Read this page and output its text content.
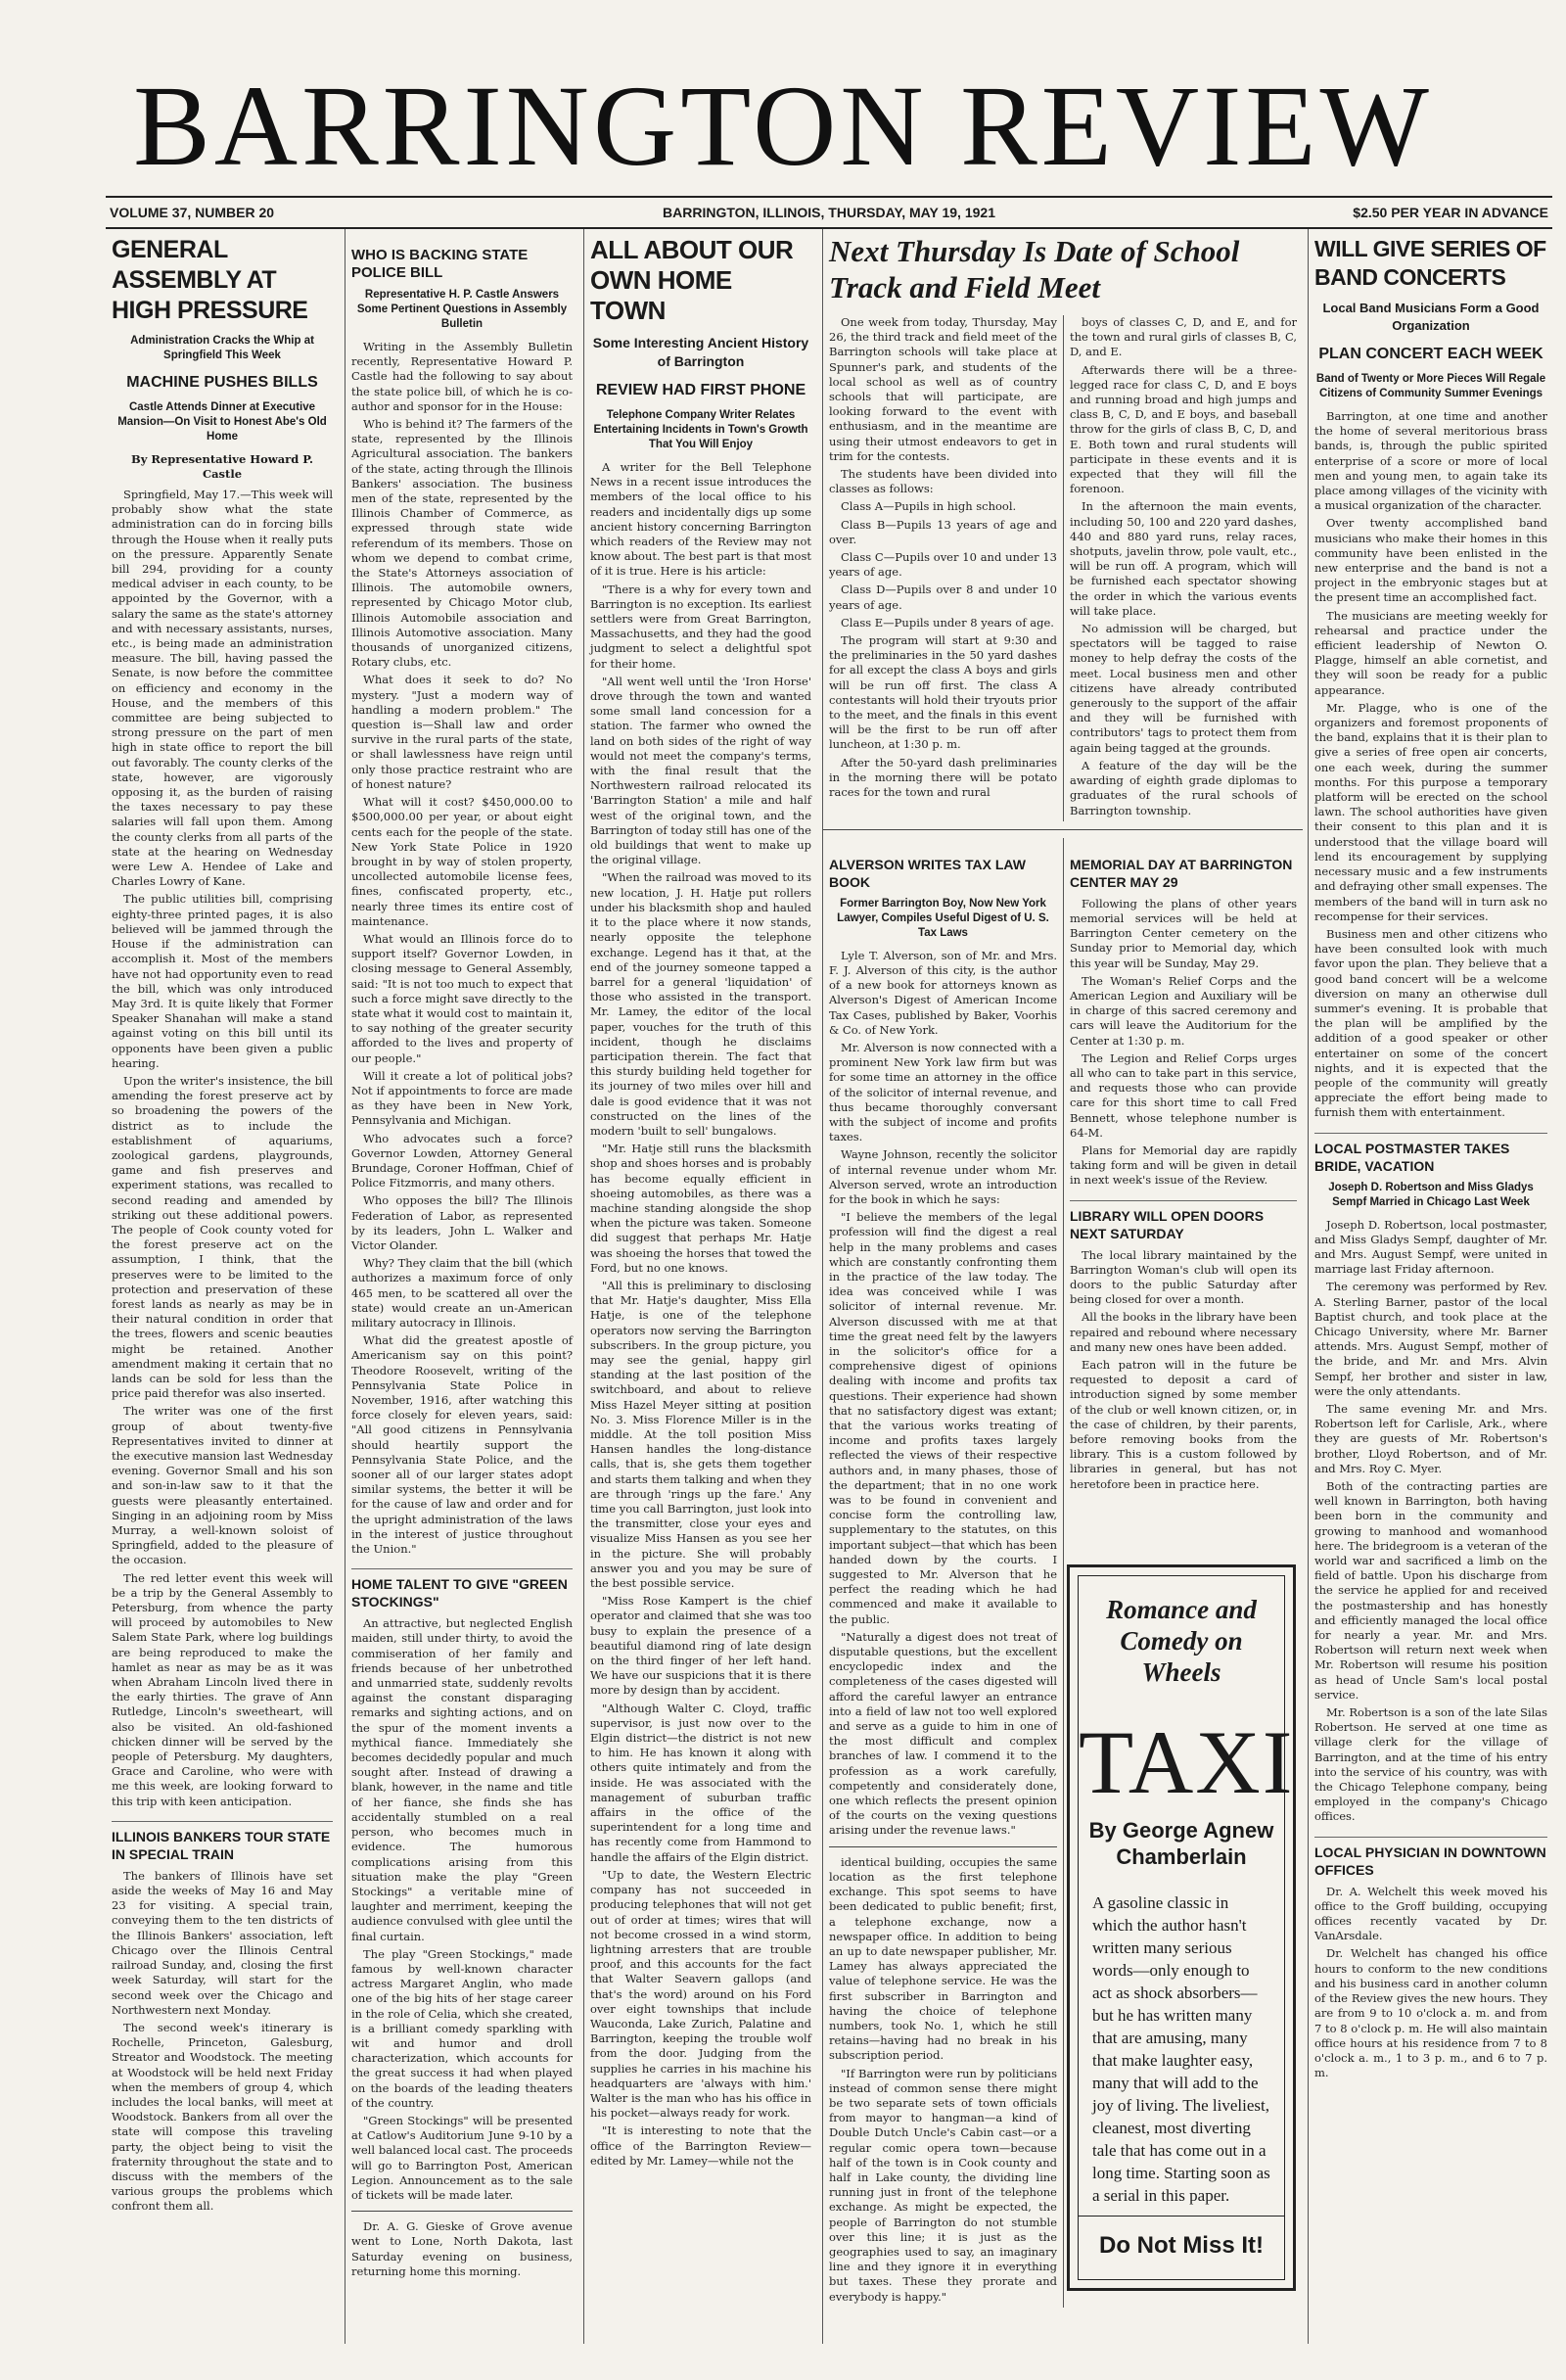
BARRINGTON REVIEW
VOLUME 37, NUMBER 20	BARRINGTON, ILLINOIS, THURSDAY, MAY 19, 1921	$2.50 PER YEAR IN ADVANCE
GENERAL ASSEMBLY AT HIGH PRESSURE
Administration Cracks the Whip at Springfield This Week
MACHINE PUSHES BILLS
Castle Attends Dinner at Executive Mansion—On Visit to Honest Abe's Old Home
By Representative Howard P. Castle

Springfield, May 17.—This week will probably show what the state administration can do in forcing bills through the House when it really puts on the pressure. Apparently Senate bill 294, providing for a county medical adviser in each county, to be appointed by the Governor, with a salary the same as the state's attorney and with necessary assistants, nurses, etc., is being made an administration measure. The bill, having passed the Senate, is now before the committee on efficiency and economy in the House, and the members of this committee are being subjected to strong pressure on the part of men high in state office to report the bill out favorably. The county clerks of the state, however, are vigorously opposing it, as the burden of raising the taxes necessary to pay these salaries will fall upon them. Among the county clerks from all parts of the state at the hearing on Wednesday were Lew A. Hendee of Lake and Charles Lowry of Kane.

The public utilities bill, comprising eighty-three printed pages, it is also believed will be jammed through the House if the administration can accomplish it. Most of the members have not had opportunity even to read the bill, which was only introduced May 3rd. It is quite likely that Former Speaker Shanahan will make a stand against voting on this bill until its opponents have been given a public hearing.

Upon the writer's insistence, the bill amending the forest preserve act by so broadening the powers of the district as to include the establishment of aquariums, zoological gardens, playgrounds, game and fish preserves and experiment stations, was recalled to second reading and amended by striking out these additional powers. The people of Cook county voted for the forest preserve act on the assumption, I think, that the preserves were to be limited to the protection and preservation of these forest lands as nearly as may be in their natural condition in order that the trees, flowers and scenic beauties might be retained. Another amendment making it certain that no lands can be sold for less than the price paid therefor was also inserted.

The writer was one of the first group of about twenty-five Representatives invited to dinner at the executive mansion last Wednesday evening. Governor Small and his son and son-in-law saw to it that the guests were pleasantly entertained. Singing in an adjoining room by Miss Murray, a well-known soloist of Springfield, added to the pleasure of the occasion.

The red letter event this week will be a trip by the General Assembly to Petersburg, from whence the party will proceed by automobiles to New Salem State Park, where log buildings are being reproduced to make the hamlet as near as may be as it was when Abraham Lincoln lived there in the early thirties. The grave of Ann Rutledge, Lincoln's sweetheart, will also be visited. An old-fashioned chicken dinner will be served by the people of Petersburg. My daughters, Grace and Caroline, who were with me this week, are looking forward to this trip with keen anticipation.

ILLINOIS BANKERS TOUR STATE IN SPECIAL TRAIN

The bankers of Illinois have set aside the weeks of May 16 and May 23 for visiting. A special train, conveying them to the ten districts of the Illinois Bankers' association, left Chicago over the Illinois Central railroad Sunday, and, closing the first week Saturday, will start for the second week over the Chicago and Northwestern next Monday.

The second week's itinerary is Rochelle, Princeton, Galesburg, Streator and Woodstock. The meeting at Woodstock will be held next Friday when the members of group 4, which includes the local banks, will meet at Woodstock. Bankers from all over the state will compose this traveling party, the object being to visit the fraternity throughout the state and to discuss with the members of the various groups the problems which confront them all.

WHO IS BACKING STATE POLICE BILL
Representative H. P. Castle Answers Some Pertinent Questions in Assembly Bulletin

Writing in the Assembly Bulletin recently, Representative Howard P. Castle had the following to say about the state police bill, of which he is co-author and sponsor for in the House:

Who is behind it? The farmers of the state, represented by the Illinois Agricultural association. The bankers of the state, acting through the Illinois Bankers' association. The business men of the state, represented by the Illinois Chamber of Commerce, as expressed through state wide referendum of its members. Those on whom we depend to combat crime, the State's Attorneys association of Illinois. The automobile owners, represented by Chicago Motor club, Illinois Automobile association and Illinois Automotive association. Many thousands of unorganized citizens, Rotary clubs, etc.

What does it seek to do? No mystery. "Just a modern way of handling a modern problem." The question is—Shall law and order survive in the rural parts of the state, or shall lawlessness have reign until only those practice restraint who are of honest nature?

What will it cost? $450,000.00 to $500,000.00 per year, or about eight cents each for the people of the state. New York State Police in 1920 brought in by way of stolen property, uncollected automobile license fees, fines, confiscated property, etc., nearly three times its entire cost of maintenance.

What would an Illinois force do to support itself? Governor Lowden, in closing message to General Assembly, said: "It is not too much to expect that such a force might save directly to the state what it would cost to maintain it, to say nothing of the greater security afforded to the lives and property of our people."

Will it create a lot of political jobs? Not if appointments to force are made as they have been in New York, Pennsylvania and Michigan.

Who advocates such a force? Governor Lowden, Attorney General Brundage, Coroner Hoffman, Chief of Police Fitzmorris, and many others.

Who opposes the bill? The Illinois Federation of Labor, as represented by its leaders, John L. Walker and Victor Olander.

Why? They claim that the bill (which authorizes a maximum force of only 465 men, to be scattered all over the state) would create an un-American military autocracy in Illinois.

What did the greatest apostle of Americanism say on this point? Theodore Roosevelt, writing of the Pennsylvania State Police in November, 1916, after watching this force closely for eleven years, said: "All good citizens in Pennsylvania should heartily support the Pennsylvania State Police, and the sooner all of our larger states adopt similar systems, the better it will be for the cause of law and order and for the upright administration of the laws in the interest of justice throughout the Union."

HOME TALENT TO GIVE "GREEN STOCKINGS"

An attractive, but neglected English maiden, still under thirty, to avoid the commiseration of her family and friends because of her unbetrothed and unmarried state, suddenly revolts against the constant disparaging remarks and sighting actions, and on the spur of the moment invents a mythical fiance. Immediately she becomes decidedly popular and much sought after. Instead of drawing a blank, however, in the name and title of her fiance, she finds she has accidentally stumbled on a real person, who becomes much in evidence. The humorous complications arising from this situation make the play "Green Stockings" a veritable mine of laughter and merriment, keeping the audience convulsed with glee until the final curtain.

The play "Green Stockings," made famous by well-known character actress Margaret Anglin, who made one of the big hits of her stage career in the role of Celia, which she created, is a brilliant comedy sparkling with wit and humor and droll characterization, which accounts for the great success it had when played on the boards of the leading theaters of the country.

"Green Stockings" will be presented at Catlow's Auditorium June 9-10 by a well balanced local cast. The proceeds will go to Barrington Post, American Legion. Announcement as to the sale of tickets will be made later.

Dr. A. G. Gieske of Grove avenue went to Lone, North Dakota, last Saturday evening on business, returning home this morning.

ALL ABOUT OUR OWN HOME TOWN
Some Interesting Ancient History of Barrington
REVIEW HAD FIRST PHONE
Telephone Company Writer Relates Entertaining Incidents in Town's Growth That You Will Enjoy

A writer for the Bell Telephone News in a recent issue introduces the members of the local office to his readers and incidentally digs up some ancient history concerning Barrington which readers of the Review may not know about. The best part is that most of it is true. Here is his article:

"There is a why for every town and Barrington is no exception. Its earliest settlers were from Great Barrington, Massachusetts, and they had the good judgment to select a delightful spot for their home.

"All went well until the 'Iron Horse' drove through the town and wanted some small land concession for a station. The farmer who owned the land on both sides of the right of way would not meet the company's terms, with the final result that the Northwestern railroad relocated its 'Barrington Station' a mile and half west of the original town, and the Barrington of today still has one of the old buildings that went to make up the original village.

"When the railroad was moved to its new location, J. H. Hatje put rollers under his blacksmith shop and hauled it to the place where it now stands, nearly opposite the telephone exchange. Legend has it that, at the end of the journey someone tapped a barrel for a general 'liquidation' of those who assisted in the transport. Mr. Lamey, the editor of the local paper, vouches for the truth of this incident, though he disclaims participation therein. The fact that this sturdy building held together for its journey of two miles over hill and dale is good evidence that it was not constructed on the lines of the modern 'built to sell' bungalows.

"Mr. Hatje still runs the blacksmith shop and shoes horses and is probably has become equally efficient in shoeing automobiles, as there was a machine standing alongside the shop when the picture was taken. Someone did suggest that perhaps Mr. Hatje was shoeing the horses that towed the Ford, but no one knows.

"All this is preliminary to disclosing that Mr. Hatje's daughter, Miss Ella Hatje, is one of the telephone operators now serving the Barrington subscribers. In the group picture, you may see the genial, happy girl standing at the last position of the switchboard, and about to relieve Miss Hazel Meyer sitting at position No. 3. Miss Florence Miller is in the middle. At the toll position Miss Hansen handles the long-distance calls, that is, she gets them together and starts them talking and when they are through 'rings up the fare.' Any time you call Barrington, just look into the transmitter, close your eyes and visualize Miss Hansen as you see her in the picture. She will probably answer you and you may be sure of the best possible service.

"Miss Rose Kampert is the chief operator and claimed that she was too busy to explain the presence of a beautiful diamond ring of late design on the third finger of her left hand. We have our suspicions that it is there more by design than by accident.

"Although Walter C. Cloyd, traffic supervisor, is just now over to the Elgin district—the district is not new to him. He has known it along with others quite intimately and from the inside. He was associated with the management of suburban traffic affairs in the office of the superintendent for a long time and has recently come from Hammond to handle the affairs of the Elgin district.

"Up to date, the Western Electric company has not succeeded in producing telephones that will not get out of order at times; wires that will not become crossed in a wind storm, lightning arresters that are trouble proof, and this accounts for the fact that Walter Seavern gallops (and that's the word) around on his Ford over eight townships that include Wauconda, Lake Zurich, Palatine and Barrington, keeping the trouble wolf from the door. Judging from the supplies he carries in his machine his headquarters are 'always with him.' Walter is the man who has his office in his pocket—always ready for work.

"It is interesting to note that the office of the Barrington Review—edited by Mr. Lamey—while not the

Next Thursday Is Date of School Track and Field Meet

One week from today, Thursday, May 26, the third track and field meet of the Barrington schools will take place at Spunner's park, and students of the local school as well as of country schools that will participate, are looking forward to the event with enthusiasm, and in the meantime are using their utmost endeavors to get in trim for the contests.

The students have been divided into classes as follows:

Class A—Pupils in high school.

Class B—Pupils 13 years of age and over.

Class C—Pupils over 10 and under 13 years of age.

Class D—Pupils over 8 and under 10 years of age.

Class E—Pupils under 8 years of age.

The program will start at 9:30 and the preliminaries in the 50 yard dashes for all except the class A boys and girls will be run off first. The class A contestants will hold their tryouts prior to the meet, and the finals in this event will be the first to be run off after luncheon, at 1:30 p. m.

After the 50-yard dash preliminaries in the morning there will be potato races for the town and rural

boys of classes C, D, and E, and for the town and rural girls of classes B, C, D, and E.

Afterwards there will be a three-legged race for class C, D, and E boys and running broad and high jumps and class B, C, D, and E boys, and baseball throw for the girls of class B, C, D, and E. Both town and rural students will participate in these events and it is expected that they will fill the forenoon.

In the afternoon the main events, including 50, 100 and 220 yard dashes, 440 and 880 yard runs, relay races, shotputs, javelin throw, pole vault, etc., will be run off. A program, which will be furnished each spectator showing the order in which the various events will take place.

No admission will be charged, but spectators will be tagged to raise money to help defray the costs of the meet. Local business men and other citizens have already contributed generously to the support of the affair and they will be furnished with contributors' tags to protect them from again being tagged at the grounds.

A feature of the day will be the awarding of eighth grade diplomas to graduates of the rural schools of Barrington township.

ALVERSON WRITES TAX LAW BOOK
Former Barrington Boy, Now New York Lawyer, Compiles Useful Digest of U. S. Tax Laws

Lyle T. Alverson, son of Mr. and Mrs. F. J. Alverson of this city, is the author of a new book for attorneys known as Alverson's Digest of American Income Tax Cases, published by Baker, Voorhis & Co. of New York.

Mr. Alverson is now connected with a prominent New York law firm but was for some time an attorney in the office of the solicitor of internal revenue, and thus became thoroughly conversant with the subject of income and profits taxes.

Wayne Johnson, recently the solicitor of internal revenue under whom Mr. Alverson served, wrote an introduction for the book in which he says:

"I believe the members of the legal profession will find the digest a real help in the many problems and cases which are constantly confronting them in the practice of the law today. The idea was conceived while I was solicitor of internal revenue. Mr. Alverson discussed with me at that time the great need felt by the lawyers in the solicitor's office for a comprehensive digest of opinions dealing with income and profits tax questions. Their experience had shown that no satisfactory digest was extant; that the various works treating of income and profits taxes largely reflected the views of their respective authors and, in many phases, those of the department; that in no one work was to be found in convenient and concise form the controlling law, supplementary to the statutes, on this important subject—that which has been handed down by the courts. I suggested to Mr. Alverson that he perfect the reading which he had commenced and make it available to the public.

"Naturally a digest does not treat of disputable questions, but the excellent encyclopedic index and the completeness of the cases digested will afford the careful lawyer an entrance into a field of law not too well explored and serve as a guide to him in one of the most difficult and complex branches of law. I commend it to the profession as a work carefully, competently and considerately done, one which reflects the present opinion of the courts on the vexing questions arising under the revenue laws."

identical building, occupies the same location as the first telephone exchange. This spot seems to have been dedicated to public benefit; first, a telephone exchange, now a newspaper office. In addition to being an up to date newspaper publisher, Mr. Lamey has always appreciated the value of telephone service. He was the first subscriber in Barrington and having the choice of telephone numbers, took No. 1, which he still retains—having had no break in his subscription period.

"If Barrington were run by politicians instead of common sense there might be two separate sets of town officials from mayor to hangman—a kind of Double Dutch Uncle's Cabin cast—or a regular comic opera town—because half of the town is in Cook county and half in Lake county, the dividing line running just in front of the telephone exchange. As might be expected, the people of Barrington do not stumble over this line; it is just as the geographies used to say, an imaginary line and they ignore it in everything but taxes. These they prorate and everybody is happy."

MEMORIAL DAY AT BARRINGTON CENTER MAY 29

Following the plans of other years memorial services will be held at Barrington Center cemetery on the Sunday prior to Memorial day, which this year will be Sunday, May 29.

The Woman's Relief Corps and the American Legion and Auxiliary will be in charge of this sacred ceremony and cars will leave the Auditorium for the Center at 1:30 p. m.

The Legion and Relief Corps urges all who can to take part in this service, and requests those who can provide care for this short time to call Fred Bennett, whose telephone number is 64-M.

Plans for Memorial day are rapidly taking form and will be given in detail in next week's issue of the Review.

LIBRARY WILL OPEN DOORS NEXT SATURDAY

The local library maintained by the Barrington Woman's club will open its doors to the public Saturday after being closed for over a month.

All the books in the library have been repaired and rebound where necessary and many new ones have been added.

Each patron will in the future be requested to deposit a card of introduction signed by some member of the club or well known citizen, or, in the case of children, by their parents, before removing books from the library. This is a custom followed by libraries in general, but has not heretofore been in practice here.

WILL GIVE SERIES OF BAND CONCERTS
Local Band Musicians Form a Good Organization
PLAN CONCERT EACH WEEK
Band of Twenty or More Pieces Will Regale Citizens of Community Summer Evenings

Barrington, at one time and another the home of several meritorious brass bands, is, through the public spirited enterprise of a score or more of local men and young men, to again take its place among villages of the vicinity with a musical organization of the character.

Over twenty accomplished band musicians who make their homes in this community have been enlisted in the new enterprise and the band is not a project in the embryonic stages but at the present time an accomplished fact.

The musicians are meeting weekly for rehearsal and practice under the efficient leadership of Newton O. Plagge, himself an able cornetist, and they will soon be ready for a public appearance.

Mr. Plagge, who is one of the organizers and foremost proponents of the band, explains that it is their plan to give a series of free open air concerts, one each week, during the summer months. For this purpose a temporary platform will be erected on the school lawn. The school authorities have given their consent to this plan and it is understood that the village board will lend its encouragement by supplying necessary music and a few instruments and defraying other small expenses. The members of the band will in turn ask no recompense for their services.

Business men and other citizens who have been consulted look with much favor upon the plan. They believe that a good band concert will be a welcome diversion on many an otherwise dull summer's evening. It is probable that the plan will be amplified by the addition of a good speaker or other entertainer on some of the concert nights, and it is expected that the people of the community will greatly appreciate the effort being made to furnish them with entertainment.

LOCAL POSTMASTER TAKES BRIDE, VACATION
Joseph D. Robertson and Miss Gladys Sempf Married in Chicago Last Week

Joseph D. Robertson, local postmaster, and Miss Gladys Sempf, daughter of Mr. and Mrs. August Sempf, were united in marriage last Friday afternoon.

The ceremony was performed by Rev. A. Sterling Barner, pastor of the local Baptist church, and took place at the Chicago University, where Mr. Barner attends. Mrs. August Sempf, mother of the bride, and Mr. and Mrs. Alvin Sempf, her brother and sister in law, were the only attendants.

The same evening Mr. and Mrs. Robertson left for Carlisle, Ark., where they are guests of Mr. Robertson's brother, Lloyd Robertson, and of Mr. and Mrs. Roy C. Myer.

Both of the contracting parties are well known in Barrington, both having been born in the community and growing to manhood and womanhood here. The bridegroom is a veteran of the world war and sacrificed a limb on the field of battle. Upon his discharge from the service he applied for and received the postmastership and has honestly and efficiently managed the local office for nearly a year. Mr. and Mrs. Robertson will return next week when Mr. Robertson will resume his position as head of Uncle Sam's local postal service.

Mr. Robertson is a son of the late Silas Robertson. He served at one time as village clerk for the village of Barrington, and at the time of his entry into the service of his country, was with the Chicago Telephone company, being employed in the company's Chicago offices.

LOCAL PHYSICIAN IN DOWNTOWN OFFICES

Dr. A. Welchelt this week moved his office to the Groff building, occupying offices recently vacated by Dr. VanArsdale.

Dr. Welchelt has changed his office hours to conform to the new conditions and his business card in another column of the Review gives the new hours. They are from 9 to 10 o'clock a. m. and from 7 to 8 o'clock p. m. He will also maintain office hours at his residence from 7 to 8 o'clock a. m., 1 to 3 p. m., and 6 to 7 p. m.

Romance and Comedy on Wheels
TAXI
By George Agnew Chamberlain
A gasoline classic in which the author hasn't written many serious words—only enough to act as shock absorbers—but he has written many that are amusing, many that make laughter easy, many that will add to the joy of living. The liveliest, cleanest, most diverting tale that has come out in a long time. Starting soon as a serial in this paper.
Do Not Miss It!
